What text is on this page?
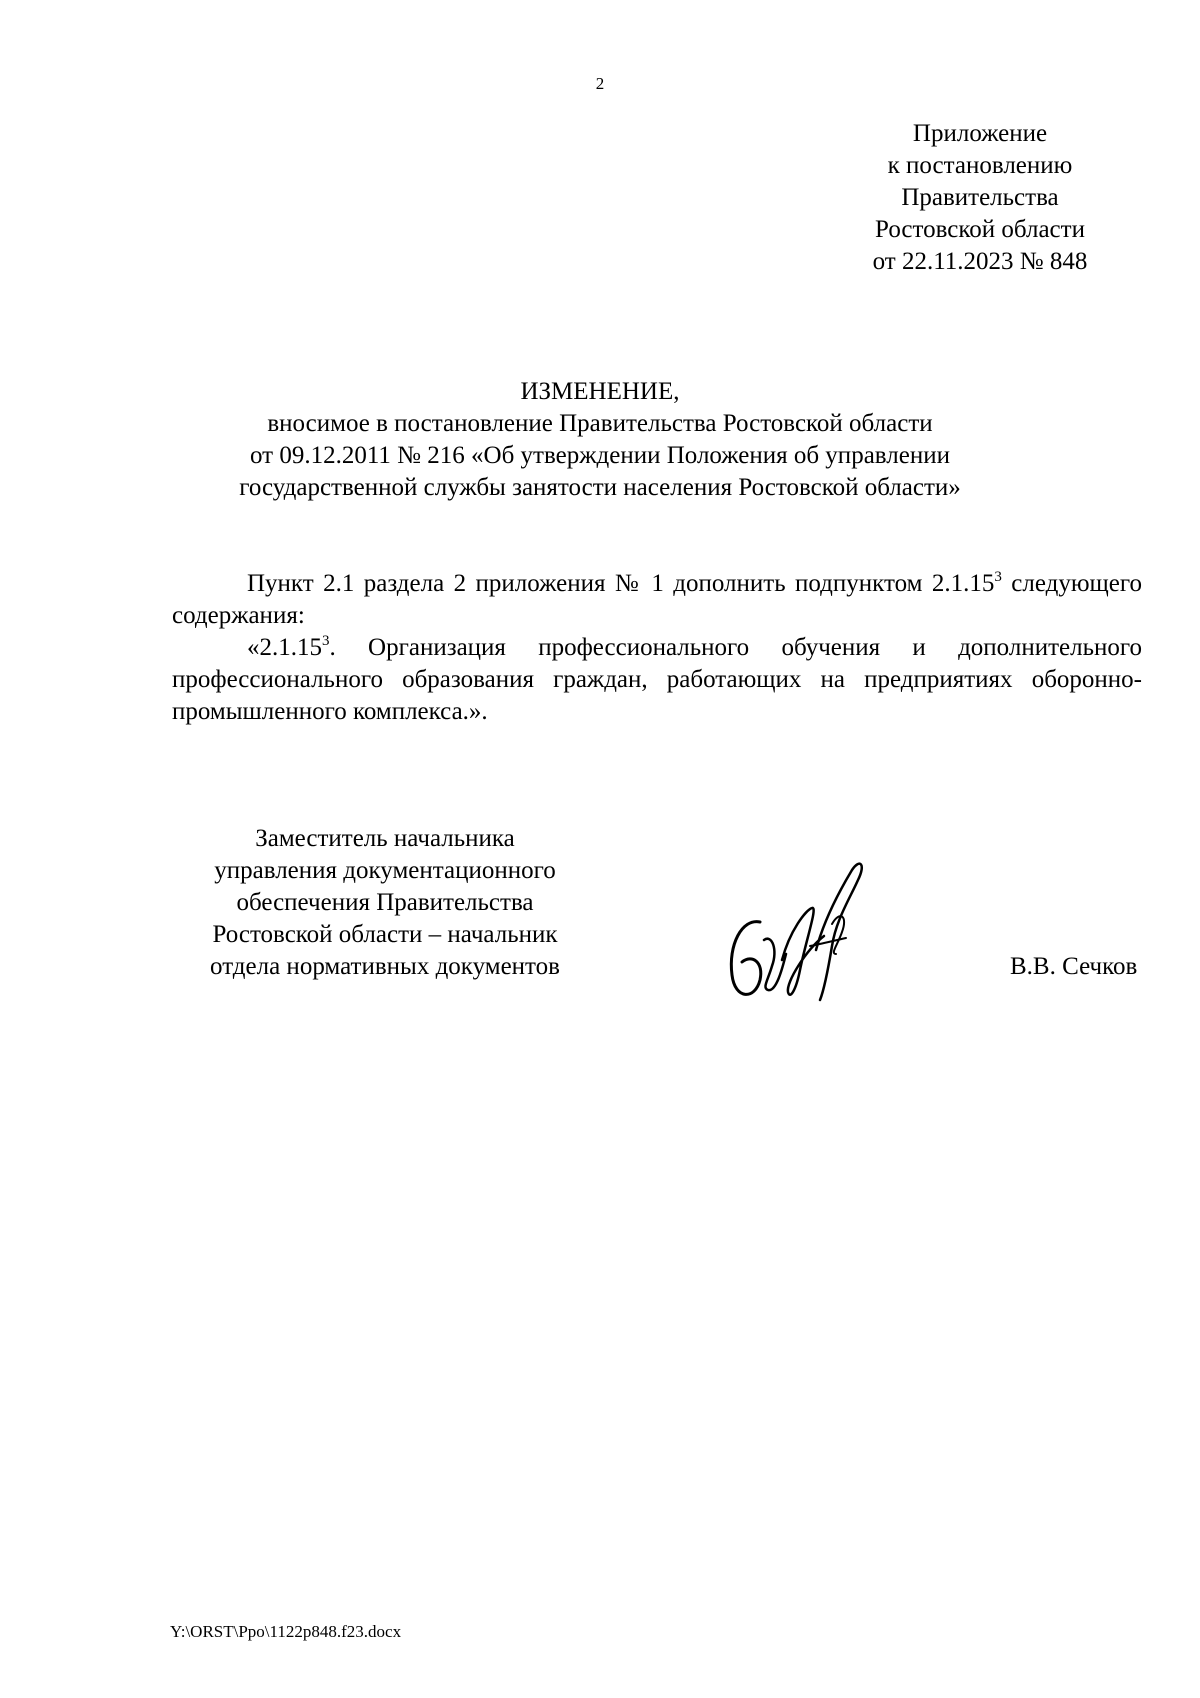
2
Приложение
к постановлению
Правительства
Ростовской области
от 22.11.2023 № 848
ИЗМЕНЕНИЕ,
вносимое в постановление Правительства Ростовской области
от 09.12.2011 № 216 «Об утверждении Положения об управлении
государственной службы занятости населения Ростовской области»

Пункт 2.1 раздела 2 приложения № 1 дополнить подпунктом 2.1.15$^3$ следующего содержания:

«2.1.15$^3$. Организация профессионального обучения и дополнительного профессионального образования граждан, работающих на предприятиях оборонно-промышленного комплекса.».

Заместитель начальника
управления документационного
обеспечения Правительства
Ростовской области – начальник
отдела нормативных документов	В.В. Сечков
Y:\ORST\Ppo\1122p848.f23.docx
